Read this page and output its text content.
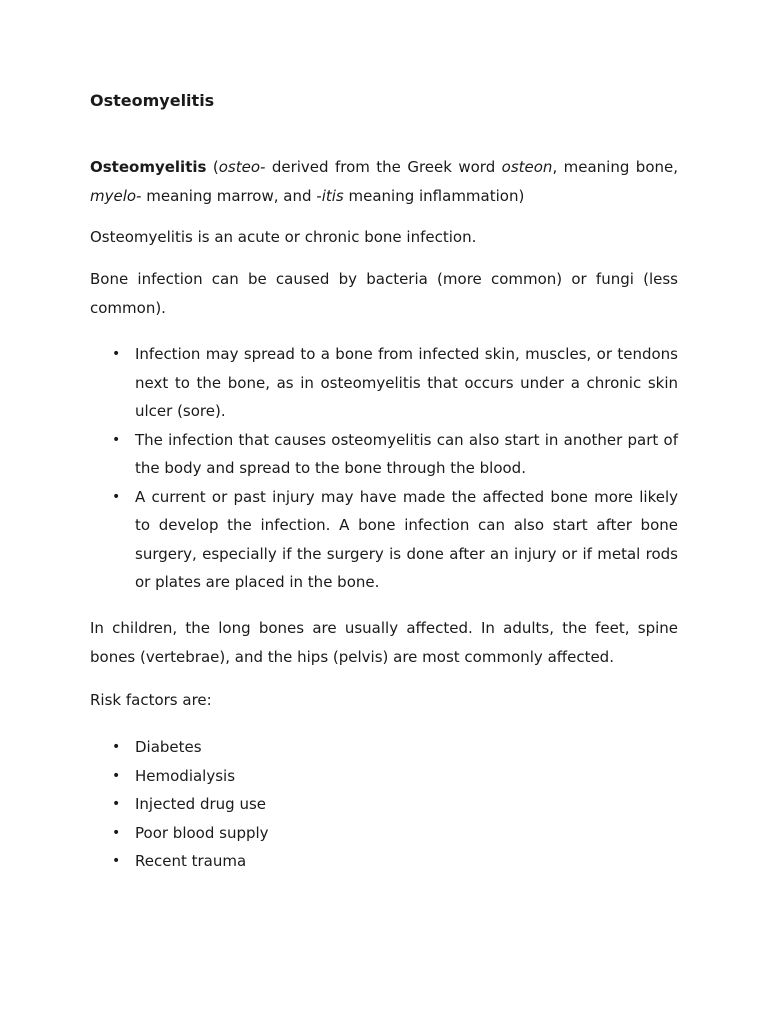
Osteomyelitis

Osteomyelitis (osteo- derived from the Greek word osteon, meaning bone, myelo- meaning marrow, and -itis meaning inflammation)

Osteomyelitis is an acute or chronic bone infection.

Bone infection can be caused by bacteria (more common) or fungi (less common).

• Infection may spread to a bone from infected skin, muscles, or tendons next to the bone, as in osteomyelitis that occurs under a chronic skin ulcer (sore).
• The infection that causes osteomyelitis can also start in another part of the body and spread to the bone through the blood.
• A current or past injury may have made the affected bone more likely to develop the infection. A bone infection can also start after bone surgery, especially if the surgery is done after an injury or if metal rods or plates are placed in the bone.

In children, the long bones are usually affected. In adults, the feet, spine bones (vertebrae), and the hips (pelvis) are most commonly affected.

Risk factors are:

• Diabetes
• Hemodialysis
• Injected drug use
• Poor blood supply
• Recent trauma
